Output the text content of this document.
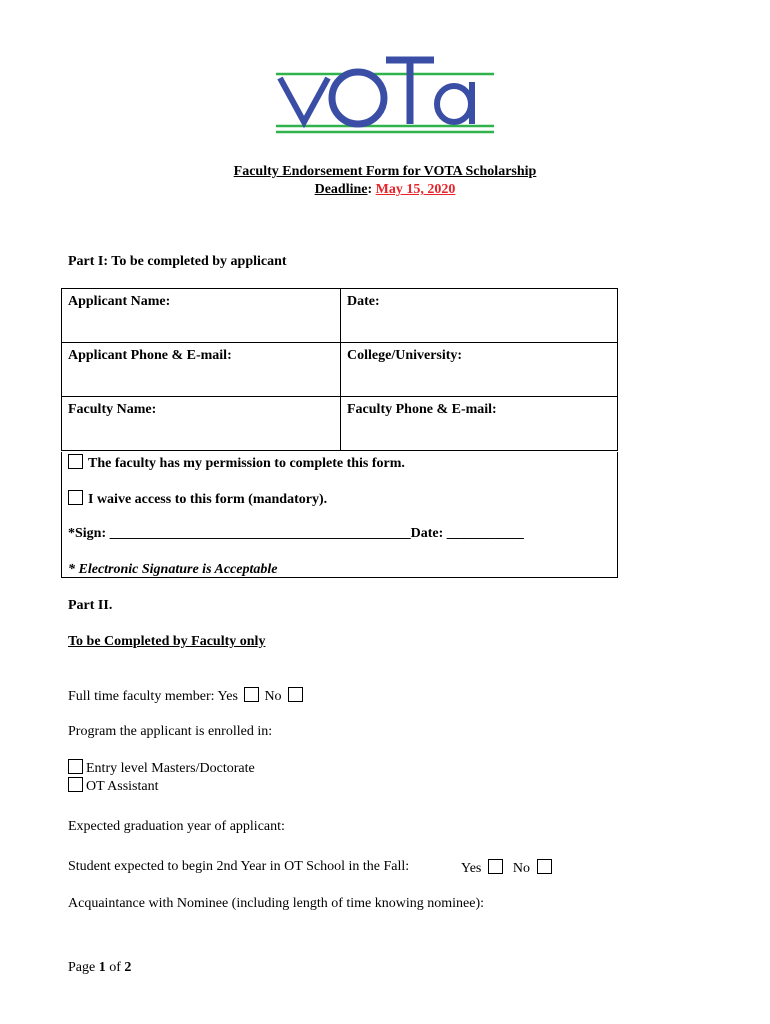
Faculty Endorsement Form for VOTA Scholarship
Deadline: May 15, 2020
Part I: To be completed by applicant
Applicant Name:	Date:
Applicant Phone & E-mail:	College/University:
Faculty Name:	Faculty Phone & E-mail:
The faculty has my permission to complete this form.
I waive access to this form (mandatory).
*Sign: ___________________________________________Date: ___________
* Electronic Signature is Acceptable
Part II.
To be Completed by Faculty only
Full time faculty member: Yes No
Program the applicant is enrolled in:
Entry level Masters/Doctorate
OT Assistant
Expected graduation year of applicant:
Student expected to begin 2nd Year in OT School in the Fall:	Yes No
Acquaintance with Nominee (including length of time knowing nominee):
Page 1 of 2
